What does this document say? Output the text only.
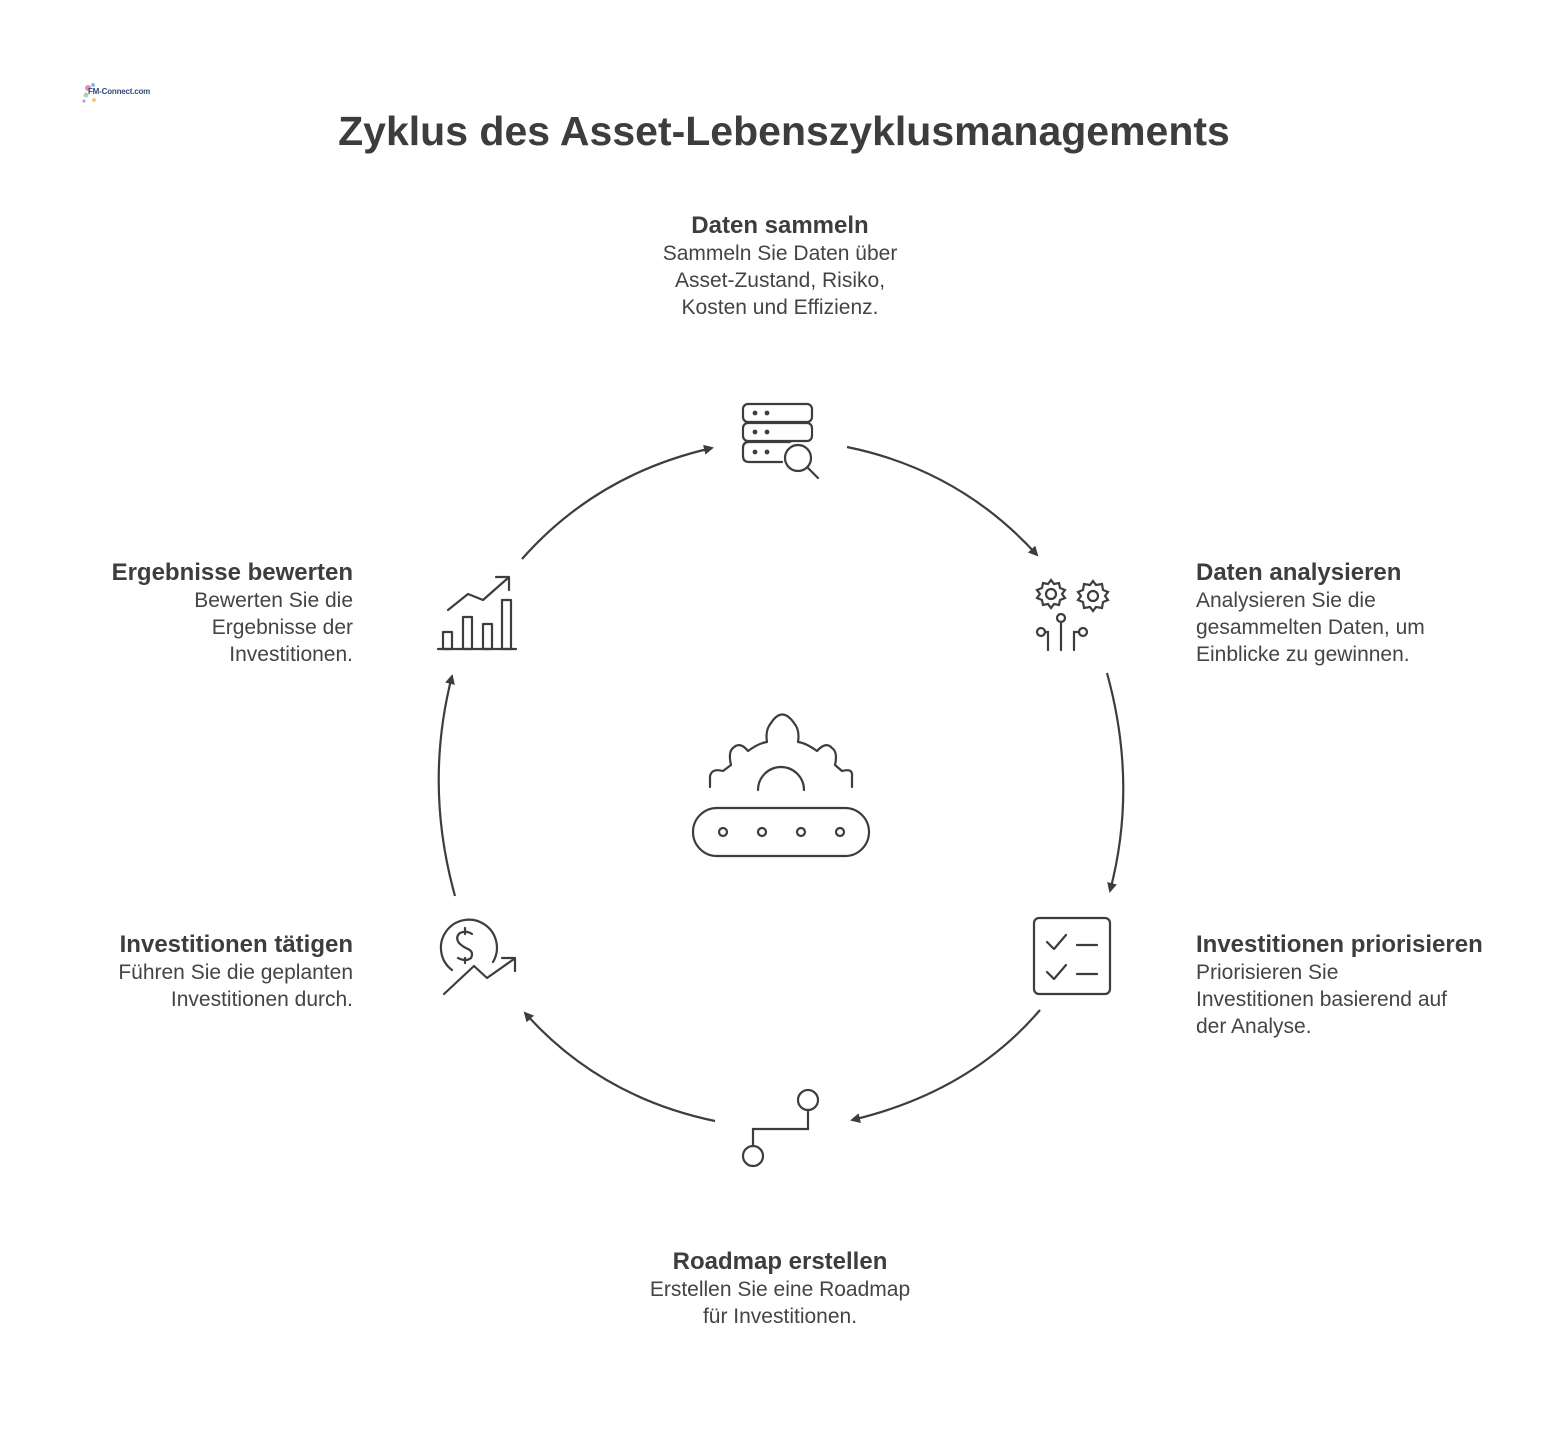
FM-Connect.com
Zyklus des Asset-Lebenszyklusmanagements
Daten sammeln
Sammeln Sie Daten über
Asset-Zustand, Risiko,
Kosten und Effizienz.
Daten analysieren
Analysieren Sie die
gesammelten Daten, um
Einblicke zu gewinnen.
Investitionen priorisieren
Priorisieren Sie
Investitionen basierend auf
der Analyse.
Roadmap erstellen
Erstellen Sie eine Roadmap
für Investitionen.
Investitionen tätigen
Führen Sie die geplanten
Investitionen durch.
Ergebnisse bewerten
Bewerten Sie die
Ergebnisse der
Investitionen.
